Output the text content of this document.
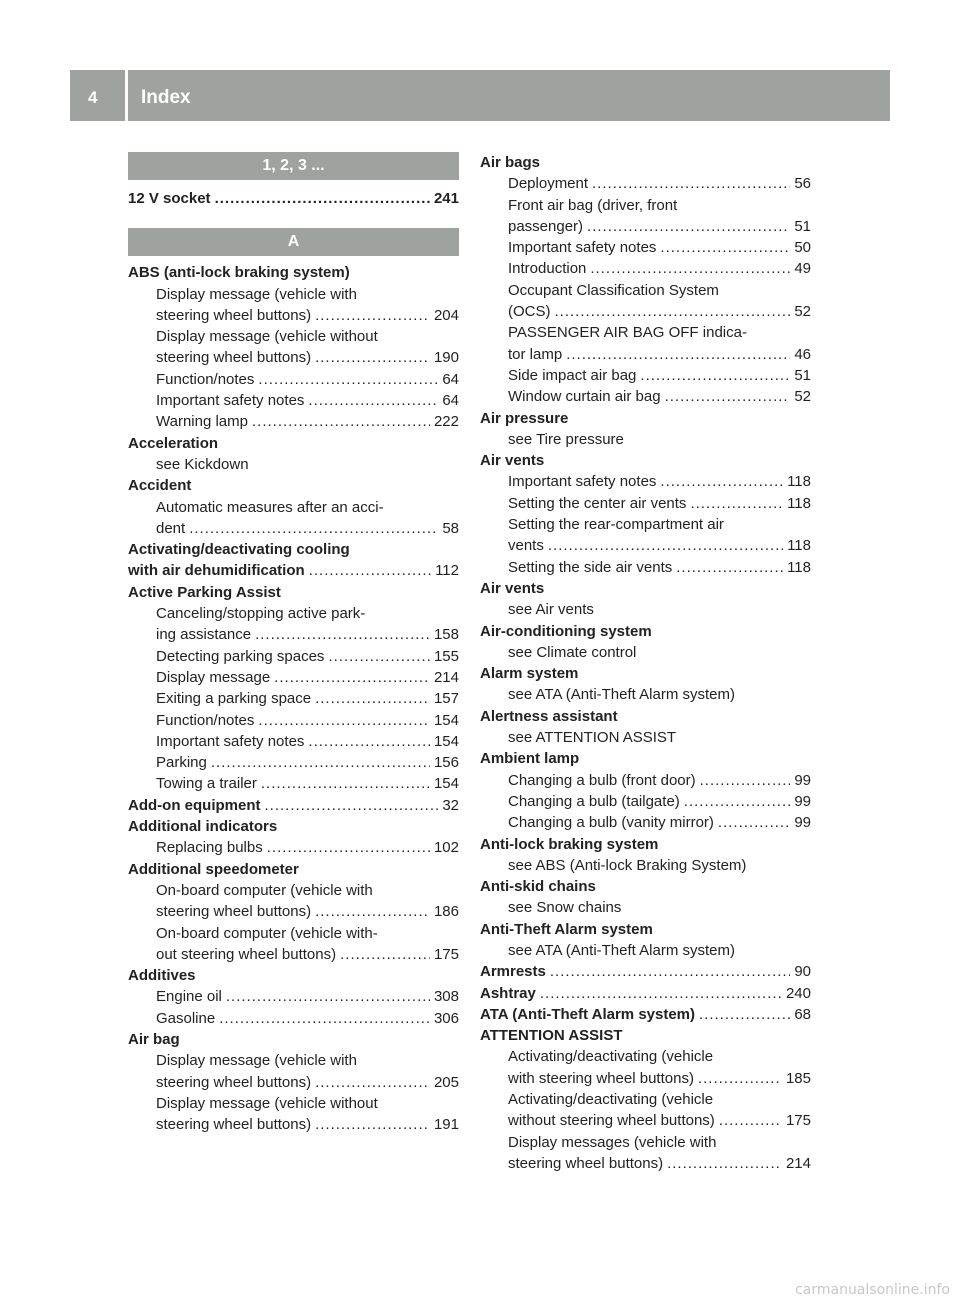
4 Index
1, 2, 3 ...
12 V socket .....	241
A
ABS (anti-lock braking system)
Display message (vehicle with
steering wheel buttons) .....	204
Display message (vehicle without
steering wheel buttons) .....	190
Function/notes .....	64
Important safety notes .....	64
Warning lamp .....	222
Acceleration
see Kickdown
Accident
Automatic measures after an acci-
dent .....	58
Activating/deactivating cooling
with air dehumidification .....	112
Active Parking Assist
Canceling/stopping active park-
ing assistance .....	158
Detecting parking spaces .....	155
Display message .....	214
Exiting a parking space .....	157
Function/notes .....	154
Important safety notes .....	154
Parking .....	156
Towing a trailer .....	154
Add-on equipment .....	32
Additional indicators
Replacing bulbs .....	102
Additional speedometer
On-board computer (vehicle with
steering wheel buttons) .....	186
On-board computer (vehicle with-
out steering wheel buttons) .....	175
Additives
Engine oil .....	308
Gasoline .....	306
Air bag
Display message (vehicle with
steering wheel buttons) .....	205
Display message (vehicle without
steering wheel buttons) .....	191
Air bags
Deployment .....	56
Front air bag (driver, front
passenger) .....	51
Important safety notes .....	50
Introduction .....	49
Occupant Classification System
(OCS) .....	52
PASSENGER AIR BAG OFF indica-
tor lamp .....	46
Side impact air bag .....	51
Window curtain air bag .....	52
Air pressure
see Tire pressure
Air vents
Important safety notes .....	118
Setting the center air vents .....	118
Setting the rear-compartment air
vents .....	118
Setting the side air vents .....	118
Air vents
see Air vents
Air-conditioning system
see Climate control
Alarm system
see ATA (Anti-Theft Alarm system)
Alertness assistant
see ATTENTION ASSIST
Ambient lamp
Changing a bulb (front door) .....	99
Changing a bulb (tailgate) .....	99
Changing a bulb (vanity mirror) .....	99
Anti-lock braking system
see ABS (Anti-lock Braking System)
Anti-skid chains
see Snow chains
Anti-Theft Alarm system
see ATA (Anti-Theft Alarm system)
Armrests .....	90
Ashtray .....	240
ATA (Anti-Theft Alarm system) .....	68
ATTENTION ASSIST
Activating/deactivating (vehicle
with steering wheel buttons) .....	185
Activating/deactivating (vehicle
without steering wheel buttons) .....	175
Display messages (vehicle with
steering wheel buttons) .....	214
carmanualsonline.info
